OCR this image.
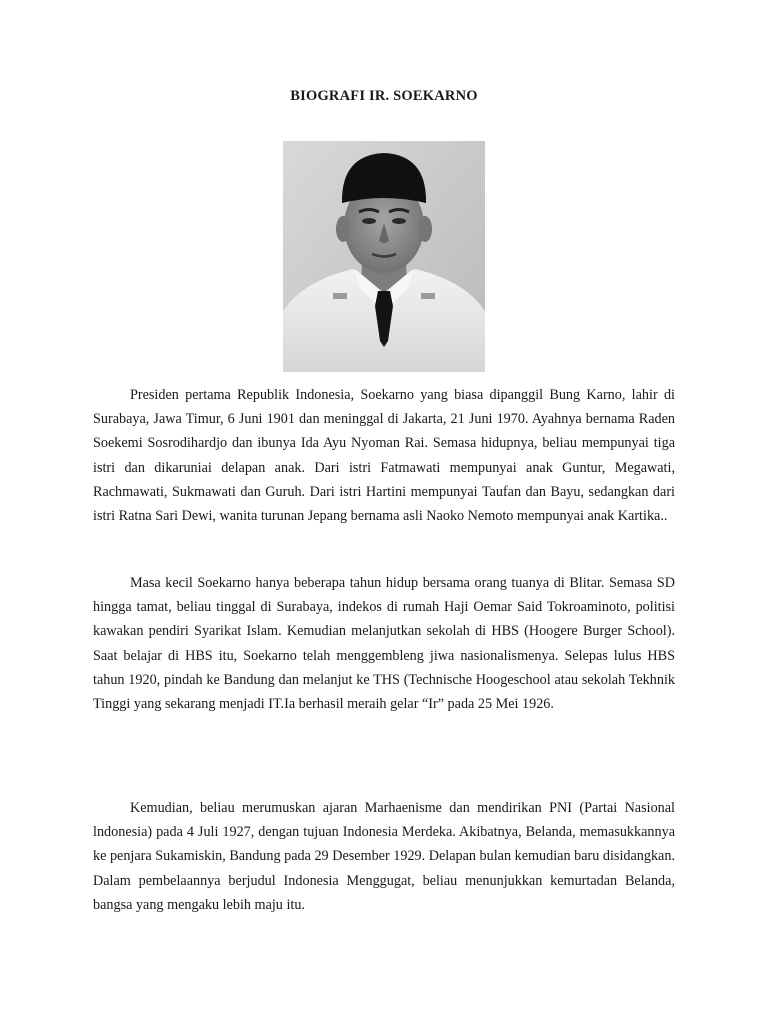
BIOGRAFI IR. SOEKARNO

Presiden pertama Republik Indonesia, Soekarno yang biasa dipanggil Bung Karno, lahir di Surabaya, Jawa Timur, 6 Juni 1901 dan meninggal di Jakarta, 21 Juni 1970. Ayahnya bernama Raden Soekemi Sosrodihardjo dan ibunya Ida Ayu Nyoman Rai. Semasa hidupnya, beliau mempunyai tiga istri dan dikaruniai delapan anak. Dari istri Fatmawati mempunyai anak Guntur, Megawati, Rachmawati, Sukmawati dan Guruh. Dari istri Hartini mempunyai Taufan dan Bayu, sedangkan dari istri Ratna Sari Dewi, wanita turunan Jepang bernama asli Naoko Nemoto mempunyai anak Kartika..

Masa kecil Soekarno hanya beberapa tahun hidup bersama orang tuanya di Blitar. Semasa SD hingga tamat, beliau tinggal di Surabaya, indekos di rumah Haji Oemar Said Tokroaminoto, politisi kawakan pendiri Syarikat Islam. Kemudian melanjutkan sekolah di HBS (Hoogere Burger School). Saat belajar di HBS itu, Soekarno telah menggembleng jiwa nasionalismenya. Selepas lulus HBS tahun 1920, pindah ke Bandung dan melanjut ke THS (Technische Hoogeschool atau sekolah Tekhnik Tinggi yang sekarang menjadi IT.Ia berhasil meraih gelar “Ir” pada 25 Mei 1926.

Kemudian, beliau merumuskan ajaran Marhaenisme dan mendirikan PNI (Partai Nasional lndonesia) pada 4 Juli 1927, dengan tujuan Indonesia Merdeka. Akibatnya, Belanda, memasukkannya ke penjara Sukamiskin, Bandung pada 29 Desember 1929. Delapan bulan kemudian baru disidangkan. Dalam pembelaannya berjudul Indonesia Menggugat, beliau menunjukkan kemurtadan Belanda, bangsa yang mengaku lebih maju itu.
